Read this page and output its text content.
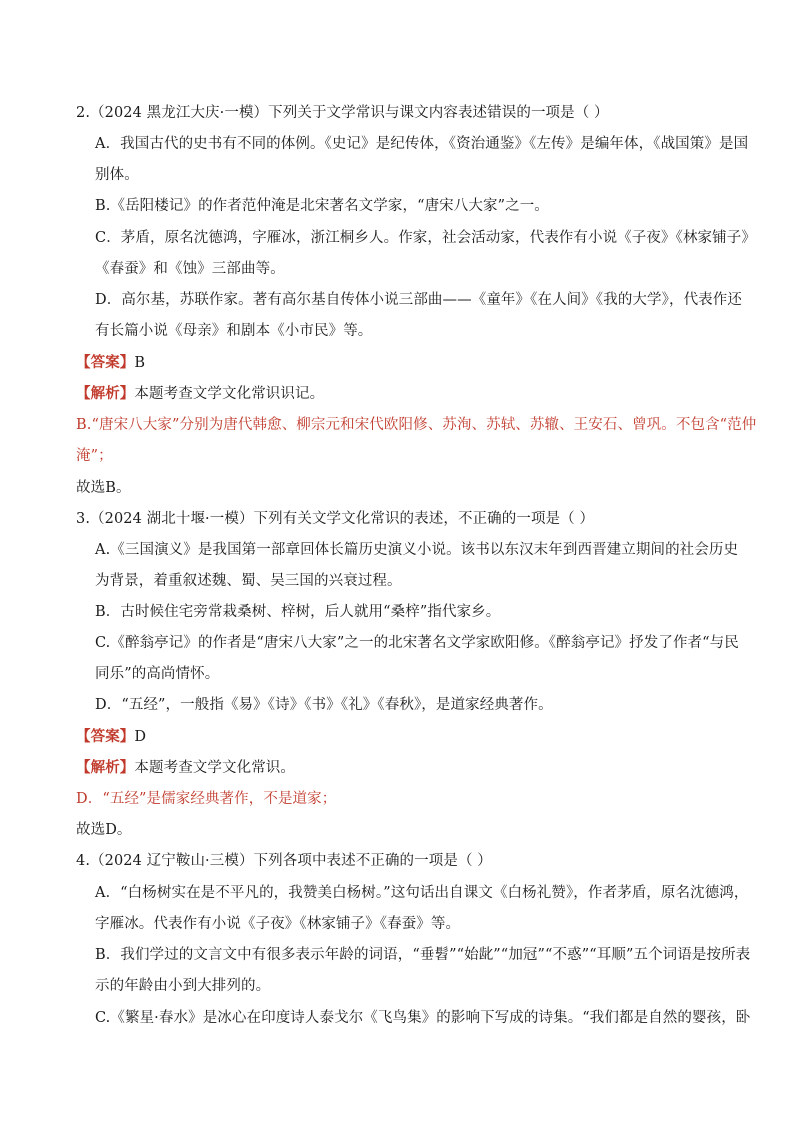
2.（2024 黑龙江大庆·一模）下列关于文学常识与课文内容表述错误的一项是（ ）
A．我国古代的史书有不同的体例。《史记》是纪传体，《资治通鉴》《左传》是编年体，《战国策》是国
别体。
B.《岳阳楼记》的作者范仲淹是北宋著名文学家，“唐宋八大家”之一。
C．茅盾，原名沈德鸿，字雁冰，浙江桐乡人。作家，社会活动家，代表作有小说《子夜》《林家铺子》
《春蚕》和《蚀》三部曲等。
D．高尔基，苏联作家。著有高尔基自传体小说三部曲——《童年》《在人间》《我的大学》，代表作还
有长篇小说《母亲》和剧本《小市民》等。
【答案】B
【解析】本题考查文学文化常识识记。
B.“唐宋八大家”分别为唐代韩愈、柳宗元和宋代欧阳修、苏洵、苏轼、苏辙、王安石、曾巩。不包含“范仲
淹”；
故选B。
3.（2024 湖北十堰·一模）下列有关文学文化常识的表述，不正确的一项是（ ）
A.《三国演义》是我国第一部章回体长篇历史演义小说。该书以东汉末年到西晋建立期间的社会历史
为背景，着重叙述魏、蜀、吴三国的兴衰过程。
B．古时候住宅旁常栽桑树、梓树，后人就用“桑梓”指代家乡。
C.《醉翁亭记》的作者是“唐宋八大家”之一的北宋著名文学家欧阳修。《醉翁亭记》抒发了作者“与民
同乐”的高尚情怀。
D．“五经”，一般指《易》《诗》《书》《礼》《春秋》，是道家经典著作。
【答案】D
【解析】本题考查文学文化常识。
D．“五经”是儒家经典著作，不是道家；
故选D。
4.（2024 辽宁鞍山·三模）下列各项中表述不正确的一项是（ ）
A．“白杨树实在是不平凡的，我赞美白杨树。”这句话出自课文《白杨礼赞》，作者茅盾，原名沈德鸿，
字雁冰。代表作有小说《子夜》《林家铺子》《春蚕》等。
B．我们学过的文言文中有很多表示年龄的词语，“垂髫”“始龀”“加冠”“不惑”“耳顺”五个词语是按所表
示的年龄由小到大排列的。
C.《繁星·春水》是冰心在印度诗人泰戈尔《飞鸟集》的影响下写成的诗集。“我们都是自然的婴孩，卧
